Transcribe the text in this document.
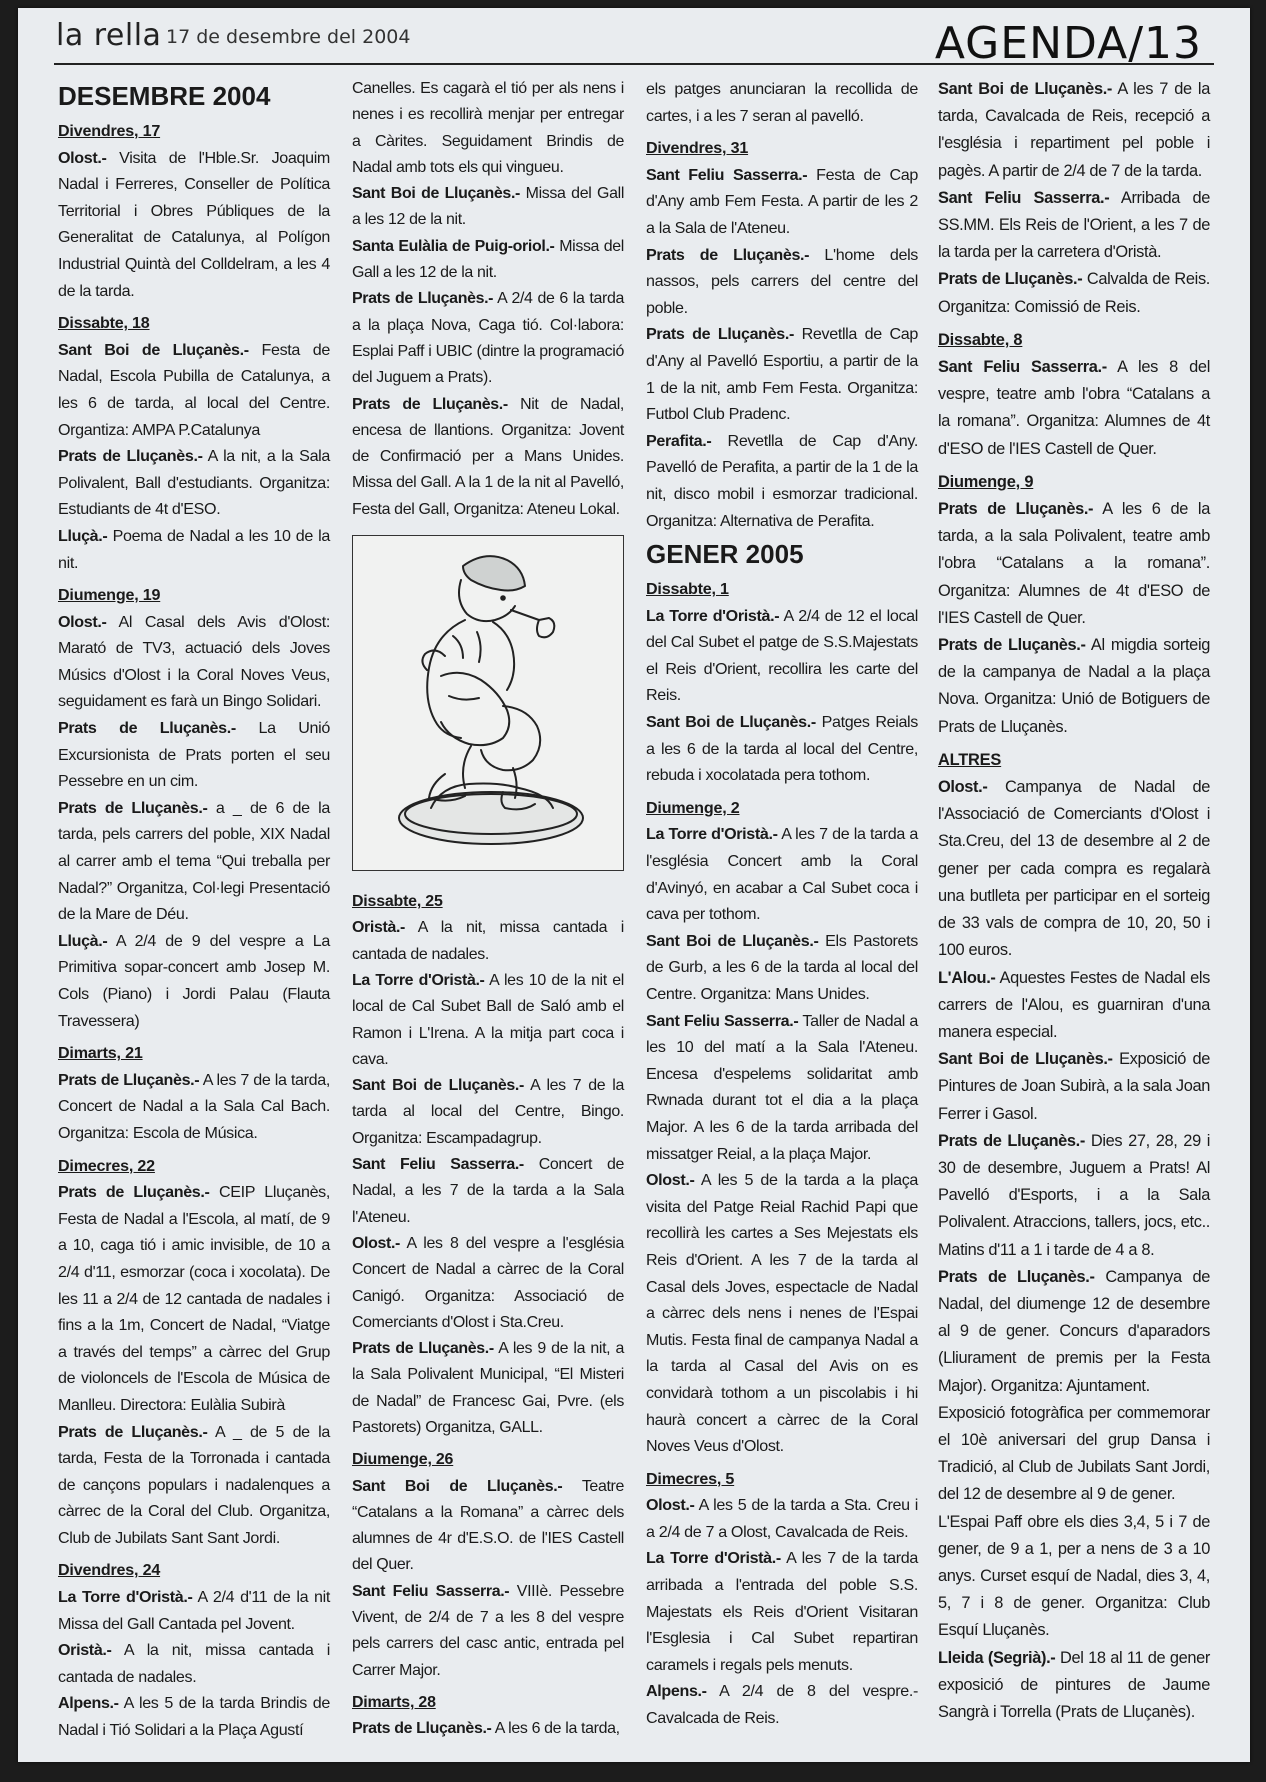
la rella 17 de desembre del 2004	AGENDA/13
DESEMBRE 2004
Divendres, 17

Olost.- Visita de l'Hble.Sr. Joaquim Nadal i Ferreres, Conseller de Política Territorial i Obres Públiques de la Generalitat de Catalunya, al Polígon Industrial Quintà del Colldelram, a les 4 de la tarda.

Dissabte, 18

Sant Boi de Lluçanès.- Festa de Nadal, Escola Pubilla de Catalunya, a les 6 de tarda, al local del Centre. Organtiza: AMPA P.Catalunya

Prats de Lluçanès.- A la nit, a la Sala Polivalent, Ball d'estudiants. Organitza: Estudiants de 4t d'ESO.

Lluçà.- Poema de Nadal a les 10 de la nit.

Diumenge, 19

Olost.- Al Casal dels Avis d'Olost: Marató de TV3, actuació dels Joves Músics d'Olost i la Coral Noves Veus, seguidament es farà un Bingo Solidari.

Prats de Lluçanès.- La Unió Excursionista de Prats porten el seu Pessebre en un cim.

Prats de Lluçanès.- a _ de 6 de la tarda, pels carrers del poble, XIX Nadal al carrer amb el tema “Qui treballa per Nadal?” Organitza, Col·legi Presentació de la Mare de Déu.

Lluçà.- A 2/4 de 9 del vespre a La Primitiva sopar-concert amb Josep M. Cols (Piano) i Jordi Palau (Flauta Travessera)

Dimarts, 21

Prats de Lluçanès.- A les 7 de la tarda, Concert de Nadal a la Sala Cal Bach. Organitza: Escola de Música.

Dimecres, 22

Prats de Lluçanès.- CEIP Lluçanès, Festa de Nadal a l'Escola, al matí, de 9 a 10, caga tió i amic invisible, de 10 a 2/4 d'11, esmorzar (coca i xocolata). De les 11 a 2/4 de 12 cantada de nadales i fins a la 1m, Concert de Nadal, “Viatge a través del temps” a càrrec del Grup de violoncels de l'Escola de Música de Manlleu. Directora: Eulàlia Subirà

Prats de Lluçanès.- A _ de 5 de la tarda, Festa de la Torronada i cantada de cançons populars i nadalenques a càrrec de la Coral del Club. Organitza, Club de Jubilats Sant Sant Jordi.

Divendres, 24

La Torre d'Oristà.- A 2/4 d'11 de la nit Missa del Gall Cantada pel Jovent.

Oristà.- A la nit, missa cantada i cantada de nadales.

Alpens.- A les 5 de la tarda Brindis de Nadal i Tió Solidari a la Plaça Agustí

Canelles. Es cagarà el tió per als nens i nenes i es recollirà menjar per entregar a Càrites. Seguidament Brindis de Nadal amb tots els qui vingueu.

Sant Boi de Lluçanès.- Missa del Gall a les 12 de la nit.

Santa Eulàlia de Puig-oriol.- Missa del Gall a les 12 de la nit.

Prats de Lluçanès.- A 2/4 de 6 la tarda a la plaça Nova, Caga tió. Col·labora: Esplai Paff i UBIC (dintre la programació del Juguem a Prats).

Prats de Lluçanès.- Nit de Nadal, encesa de llantions. Organitza: Jovent de Confirmació per a Mans Unides. Missa del Gall. A la 1 de la nit al Pavelló, Festa del Gall, Organitza: Ateneu Lokal.

Dissabte, 25

Oristà.- A la nit, missa cantada i cantada de nadales.

La Torre d'Oristà.- A les 10 de la nit el local de Cal Subet Ball de Saló amb el Ramon i L'Irena. A la mitja part coca i cava.

Sant Boi de Lluçanès.- A les 7 de la tarda al local del Centre, Bingo. Organitza: Escampadagrup.

Sant Feliu Sasserra.- Concert de Nadal, a les 7 de la tarda a la Sala l'Ateneu.

Olost.- A les 8 del vespre a l'església Concert de Nadal a càrrec de la Coral Canigó. Organitza: Associació de Comerciants d'Olost i Sta.Creu.

Prats de Lluçanès.- A les 9 de la nit, a la Sala Polivalent Municipal, “El Misteri de Nadal” de Francesc Gai, Pvre. (els Pastorets) Organitza, GALL.

Diumenge, 26

Sant Boi de Lluçanès.- Teatre “Catalans a la Romana” a càrrec dels alumnes de 4r d'E.S.O. de l'IES Castell del Quer.

Sant Feliu Sasserra.- VIIIè. Pessebre Vivent, de 2/4 de 7 a les 8 del vespre pels carrers del casc antic, entrada pel Carrer Major.

Dimarts, 28

Prats de Lluçanès.- A les 6 de la tarda,

els patges anunciaran la recollida de cartes, i a les 7 seran al pavelló.

Divendres, 31

Sant Feliu Sasserra.- Festa de Cap d'Any amb Fem Festa. A partir de les 2 a la Sala de l'Ateneu.

Prats de Lluçanès.- L'home dels nassos, pels carrers del centre del poble.

Prats de Lluçanès.- Revetlla de Cap d'Any al Pavelló Esportiu, a partir de la 1 de la nit, amb Fem Festa. Organitza: Futbol Club Pradenc.

Perafita.- Revetlla de Cap d'Any. Pavelló de Perafita, a partir de la 1 de la nit, disco mobil i esmorzar tradicional. Organitza: Alternativa de Perafita.

GENER 2005
Dissabte, 1

La Torre d'Oristà.- A 2/4 de 12 el local del Cal Subet el patge de S.S.Majestats el Reis d'Orient, recollira les carte del Reis.

Sant Boi de Lluçanès.- Patges Reials a les 6 de la tarda al local del Centre, rebuda i xocolatada pera tothom.

Diumenge, 2

La Torre d'Oristà.- A les 7 de la tarda a l'església Concert amb la Coral d'Avinyó, en acabar a Cal Subet coca i cava per tothom.

Sant Boi de Lluçanès.- Els Pastorets de Gurb, a les 6 de la tarda al local del Centre. Organitza: Mans Unides.

Sant Feliu Sasserra.- Taller de Nadal a les 10 del matí a la Sala l'Ateneu. Encesa d'espelems solidaritat amb Rwnada durant tot el dia a la plaça Major. A les 6 de la tarda arribada del missatger Reial, a la plaça Major.

Olost.- A les 5 de la tarda a la plaça visita del Patge Reial Rachid Papi que recollirà les cartes a Ses Mejestats els Reis d'Orient. A les 7 de la tarda al Casal dels Joves, espectacle de Nadal a càrrec dels nens i nenes de l'Espai Mutis. Festa final de campanya Nadal a la tarda al Casal del Avis on es convidarà tothom a un piscolabis i hi haurà concert a càrrec de la Coral Noves Veus d'Olost.

Dimecres, 5

Olost.- A les 5 de la tarda a Sta. Creu i a 2/4 de 7 a Olost, Cavalcada de Reis.

La Torre d'Oristà.- A les 7 de la tarda arribada a l'entrada del poble S.S. Majestats els Reis d'Orient Visitaran l'Esglesia i Cal Subet repartiran caramels i regals pels menuts.

Alpens.- A 2/4 de 8 del vespre.- Cavalcada de Reis.

Sant Boi de Lluçanès.- A les 7 de la tarda, Cavalcada de Reis, recepció a l'església i repartiment pel poble i pagès. A partir de 2/4 de 7 de la tarda.

Sant Feliu Sasserra.- Arribada de SS.MM. Els Reis de l'Orient, a les 7 de la tarda per la carretera d'Oristà.

Prats de Lluçanès.- Calvalda de Reis. Organitza: Comissió de Reis.

Dissabte, 8

Sant Feliu Sasserra.- A les 8 del vespre, teatre amb l'obra “Catalans a la romana”. Organitza: Alumnes de 4t d'ESO de l'IES Castell de Quer.

Diumenge, 9

Prats de Lluçanès.- A les 6 de la tarda, a la sala Polivalent, teatre amb l'obra “Catalans a la romana”. Organitza: Alumnes de 4t d'ESO de l'IES Castell de Quer.

Prats de Lluçanès.- Al migdia sorteig de la campanya de Nadal a la plaça Nova. Organitza: Unió de Botiguers de Prats de Lluçanès.

ALTRES

Olost.- Campanya de Nadal de l'Associació de Comerciants d'Olost i Sta.Creu, del 13 de desembre al 2 de gener per cada compra es regalarà una butlleta per participar en el sorteig de 33 vals de compra de 10, 20, 50 i 100 euros.

L'Alou.- Aquestes Festes de Nadal els carrers de l'Alou, es guarniran d'una manera especial.

Sant Boi de Lluçanès.- Exposició de Pintures de Joan Subirà, a la sala Joan Ferrer i Gasol.

Prats de Lluçanès.- Dies 27, 28, 29 i 30 de desembre, Juguem a Prats! Al Pavelló d'Esports, i a la Sala Polivalent. Atraccions, tallers, jocs, etc.. Matins d'11 a 1 i tarde de 4 a 8.

Prats de Lluçanès.- Campanya de Nadal, del diumenge 12 de desembre al 9 de gener. Concurs d'aparadors (Lliurament de premis per la Festa Major). Organitza: Ajuntament.

Exposició fotogràfica per commemorar el 10è aniversari del grup Dansa i Tradició, al Club de Jubilats Sant Jordi, del 12 de desembre al 9 de gener.

L'Espai Paff obre els dies 3,4, 5 i 7 de gener, de 9 a 1, per a nens de 3 a 10 anys. Curset esquí de Nadal, dies 3, 4, 5, 7 i 8 de gener. Organitza: Club Esquí Lluçanès.

Lleida (Segrià).- Del 18 al 11 de gener exposició de pintures de Jaume Sangrà i Torrella (Prats de Lluçanès).
